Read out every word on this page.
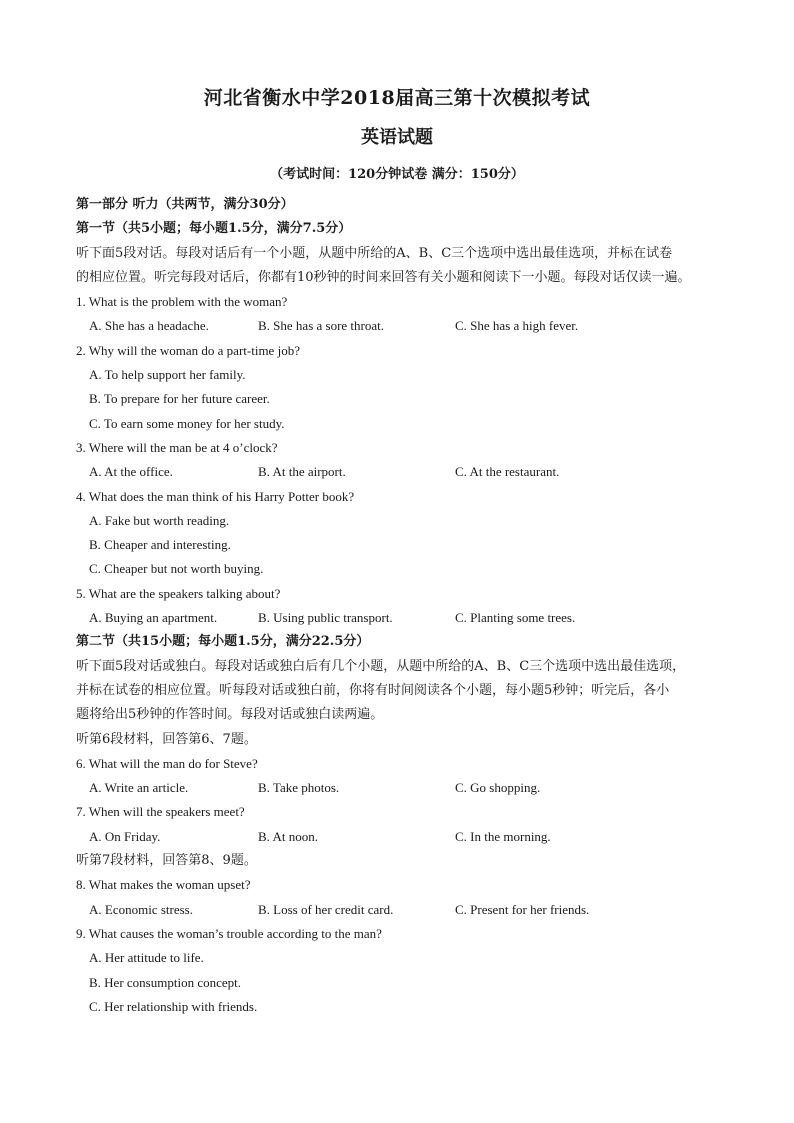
河北省衡水中学2018届高三第十次模拟考试
英语试题
（考试时间：120分钟试卷 满分：150分）
第一部分 听力（共两节，满分30分）
第一节（共5小题；每小题1.5分，满分7.5分）
听下面5段对话。每段对话后有一个小题，从题中所给的A、B、C三个选项中选出最佳选项，并标在试卷
的相应位置。听完每段对话后，你都有10秒钟的时间来回答有关小题和阅读下一小题。每段对话仅读一遍。
1. What is the problem with the woman?
A. She has a headache.	B. She has a sore throat.	C. She has a high fever.
2. Why will the woman do a part-time job?
A. To help support her family.
B. To prepare for her future career.
C. To earn some money for her study.
3. Where will the man be at 4 o’clock?
A. At the office.	B. At the airport.	C. At the restaurant.
4. What does the man think of his Harry Potter book?
A. Fake but worth reading.
B. Cheaper and interesting.
C. Cheaper but not worth buying.
5. What are the speakers talking about?
A. Buying an apartment.	B. Using public transport.	C. Planting some trees.
第二节（共15小题；每小题1.5分，满分22.5分）
听下面5段对话或独白。每段对话或独白后有几个小题，从题中所给的A、B、C三个选项中选出最佳选项，
并标在试卷的相应位置。听每段对话或独白前，你将有时间阅读各个小题，每小题5秒钟；听完后，各小
题将给出5秒钟的作答时间。每段对话或独白读两遍。
听第6段材料，回答第6、7题。
6. What will the man do for Steve?
A. Write an article.	B. Take photos.	C. Go shopping.
7. When will the speakers meet?
A. On Friday.	B. At noon.	C. In the morning.
听第7段材料，回答第8、9题。
8. What makes the woman upset?
A. Economic stress.	B. Loss of her credit card.	C. Present for her friends.
9. What causes the woman’s trouble according to the man?
A. Her attitude to life.
B. Her consumption concept.
C. Her relationship with friends.
